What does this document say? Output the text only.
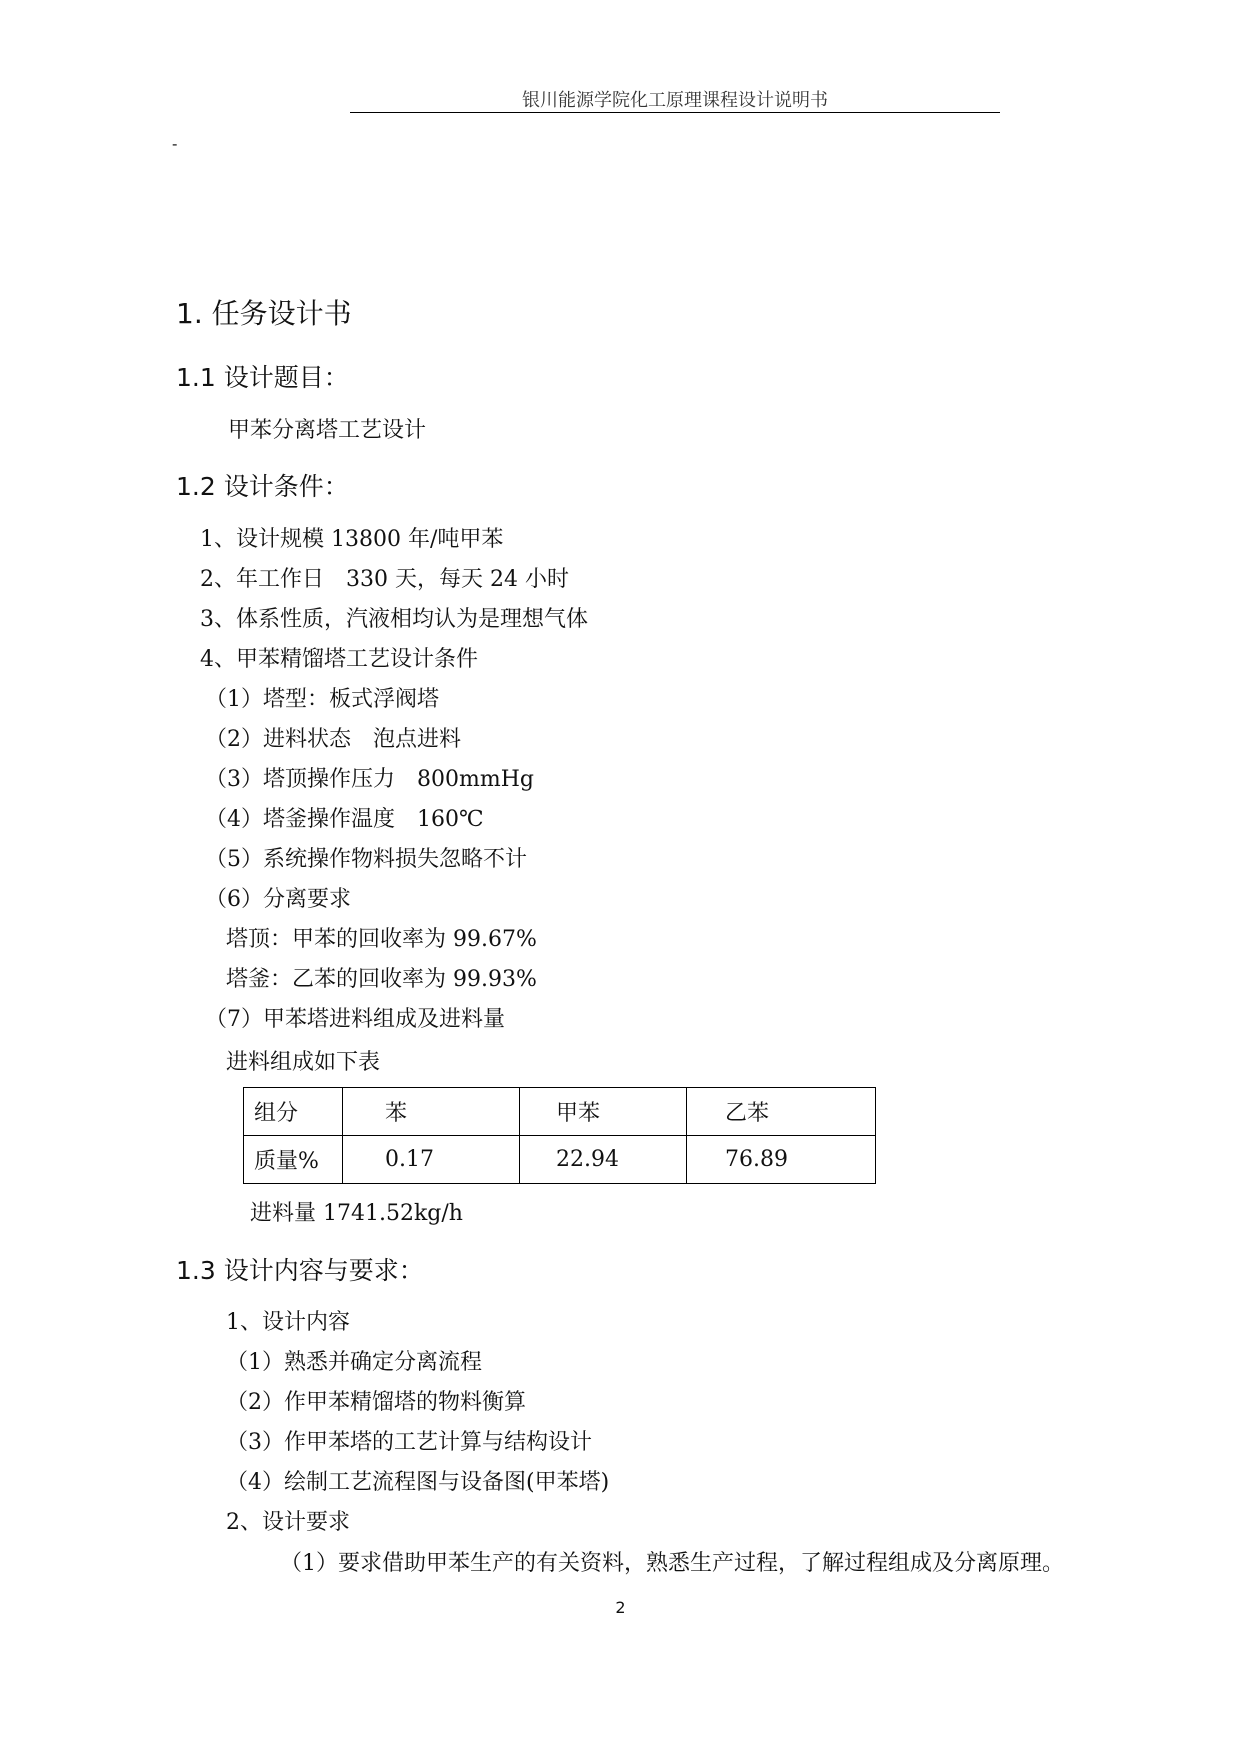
银川能源学院化工原理课程设计说明书
-
1. 任务设计书
1.1 设计题目：
甲苯分离塔工艺设计
1.2 设计条件：
1、设计规模 13800 年/吨甲苯
2、年工作日　330 天，每天 24 小时
3、体系性质，汽液相均认为是理想气体
4、甲苯精馏塔工艺设计条件
（1）塔型：板式浮阀塔
（2）进料状态　泡点进料
（3）塔顶操作压力　800mmHg
（4）塔釜操作温度　160℃
（5）系统操作物料损失忽略不计
（6）分离要求
塔顶：甲苯的回收率为 99.67%
塔釜：乙苯的回收率为 99.93%
（7）甲苯塔进料组成及进料量
进料组成如下表
组分	苯	甲苯	乙苯
质量%	0.17	22.94	76.89
进料量 1741.52kg/h
1.3 设计内容与要求：
1、设计内容
（1）熟悉并确定分离流程
（2）作甲苯精馏塔的物料衡算
（3）作甲苯塔的工艺计算与结构设计
（4）绘制工艺流程图与设备图(甲苯塔)
2、设计要求
（1）要求借助甲苯生产的有关资料，熟悉生产过程，了解过程组成及分离原理。
2
